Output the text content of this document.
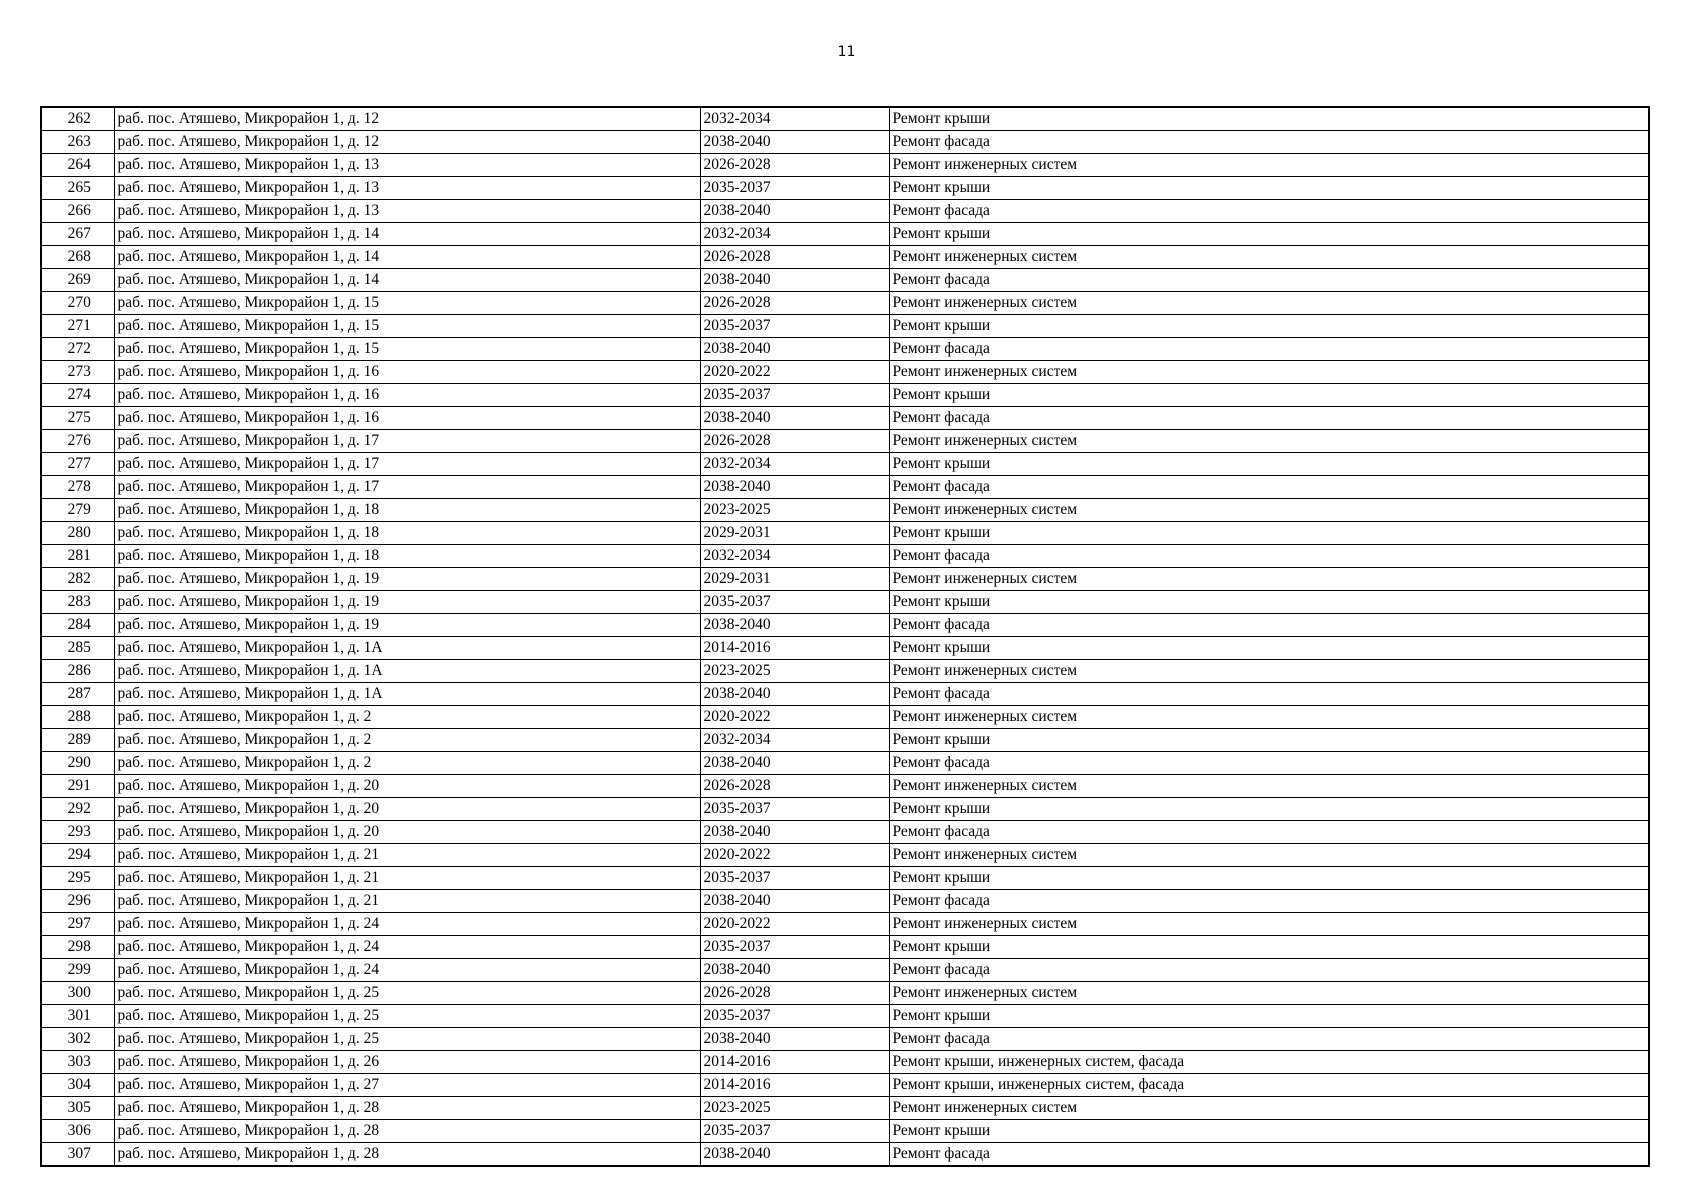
11
262	раб. пос. Атяшево, Микрорайон 1, д. 12	2032-2034	Ремонт крыши
263	раб. пос. Атяшево, Микрорайон 1, д. 12	2038-2040	Ремонт фасада
264	раб. пос. Атяшево, Микрорайон 1, д. 13	2026-2028	Ремонт инженерных систем
265	раб. пос. Атяшево, Микрорайон 1, д. 13	2035-2037	Ремонт крыши
266	раб. пос. Атяшево, Микрорайон 1, д. 13	2038-2040	Ремонт фасада
267	раб. пос. Атяшево, Микрорайон 1, д. 14	2032-2034	Ремонт крыши
268	раб. пос. Атяшево, Микрорайон 1, д. 14	2026-2028	Ремонт инженерных систем
269	раб. пос. Атяшево, Микрорайон 1, д. 14	2038-2040	Ремонт фасада
270	раб. пос. Атяшево, Микрорайон 1, д. 15	2026-2028	Ремонт инженерных систем
271	раб. пос. Атяшево, Микрорайон 1, д. 15	2035-2037	Ремонт крыши
272	раб. пос. Атяшево, Микрорайон 1, д. 15	2038-2040	Ремонт фасада
273	раб. пос. Атяшево, Микрорайон 1, д. 16	2020-2022	Ремонт инженерных систем
274	раб. пос. Атяшево, Микрорайон 1, д. 16	2035-2037	Ремонт крыши
275	раб. пос. Атяшево, Микрорайон 1, д. 16	2038-2040	Ремонт фасада
276	раб. пос. Атяшево, Микрорайон 1, д. 17	2026-2028	Ремонт инженерных систем
277	раб. пос. Атяшево, Микрорайон 1, д. 17	2032-2034	Ремонт крыши
278	раб. пос. Атяшево, Микрорайон 1, д. 17	2038-2040	Ремонт фасада
279	раб. пос. Атяшево, Микрорайон 1, д. 18	2023-2025	Ремонт инженерных систем
280	раб. пос. Атяшево, Микрорайон 1, д. 18	2029-2031	Ремонт крыши
281	раб. пос. Атяшево, Микрорайон 1, д. 18	2032-2034	Ремонт фасада
282	раб. пос. Атяшево, Микрорайон 1, д. 19	2029-2031	Ремонт инженерных систем
283	раб. пос. Атяшево, Микрорайон 1, д. 19	2035-2037	Ремонт крыши
284	раб. пос. Атяшево, Микрорайон 1, д. 19	2038-2040	Ремонт фасада
285	раб. пос. Атяшево, Микрорайон 1, д. 1А	2014-2016	Ремонт крыши
286	раб. пос. Атяшево, Микрорайон 1, д. 1А	2023-2025	Ремонт инженерных систем
287	раб. пос. Атяшево, Микрорайон 1, д. 1А	2038-2040	Ремонт фасада
288	раб. пос. Атяшево, Микрорайон 1, д. 2	2020-2022	Ремонт инженерных систем
289	раб. пос. Атяшево, Микрорайон 1, д. 2	2032-2034	Ремонт крыши
290	раб. пос. Атяшево, Микрорайон 1, д. 2	2038-2040	Ремонт фасада
291	раб. пос. Атяшево, Микрорайон 1, д. 20	2026-2028	Ремонт инженерных систем
292	раб. пос. Атяшево, Микрорайон 1, д. 20	2035-2037	Ремонт крыши
293	раб. пос. Атяшево, Микрорайон 1, д. 20	2038-2040	Ремонт фасада
294	раб. пос. Атяшево, Микрорайон 1, д. 21	2020-2022	Ремонт инженерных систем
295	раб. пос. Атяшево, Микрорайон 1, д. 21	2035-2037	Ремонт крыши
296	раб. пос. Атяшево, Микрорайон 1, д. 21	2038-2040	Ремонт фасада
297	раб. пос. Атяшево, Микрорайон 1, д. 24	2020-2022	Ремонт инженерных систем
298	раб. пос. Атяшево, Микрорайон 1, д. 24	2035-2037	Ремонт крыши
299	раб. пос. Атяшево, Микрорайон 1, д. 24	2038-2040	Ремонт фасада
300	раб. пос. Атяшево, Микрорайон 1, д. 25	2026-2028	Ремонт инженерных систем
301	раб. пос. Атяшево, Микрорайон 1, д. 25	2035-2037	Ремонт крыши
302	раб. пос. Атяшево, Микрорайон 1, д. 25	2038-2040	Ремонт фасада
303	раб. пос. Атяшево, Микрорайон 1, д. 26	2014-2016	Ремонт крыши, инженерных систем, фасада
304	раб. пос. Атяшево, Микрорайон 1, д. 27	2014-2016	Ремонт крыши, инженерных систем, фасада
305	раб. пос. Атяшево, Микрорайон 1, д. 28	2023-2025	Ремонт инженерных систем
306	раб. пос. Атяшево, Микрорайон 1, д. 28	2035-2037	Ремонт крыши
307	раб. пос. Атяшево, Микрорайон 1, д. 28	2038-2040	Ремонт фасада
